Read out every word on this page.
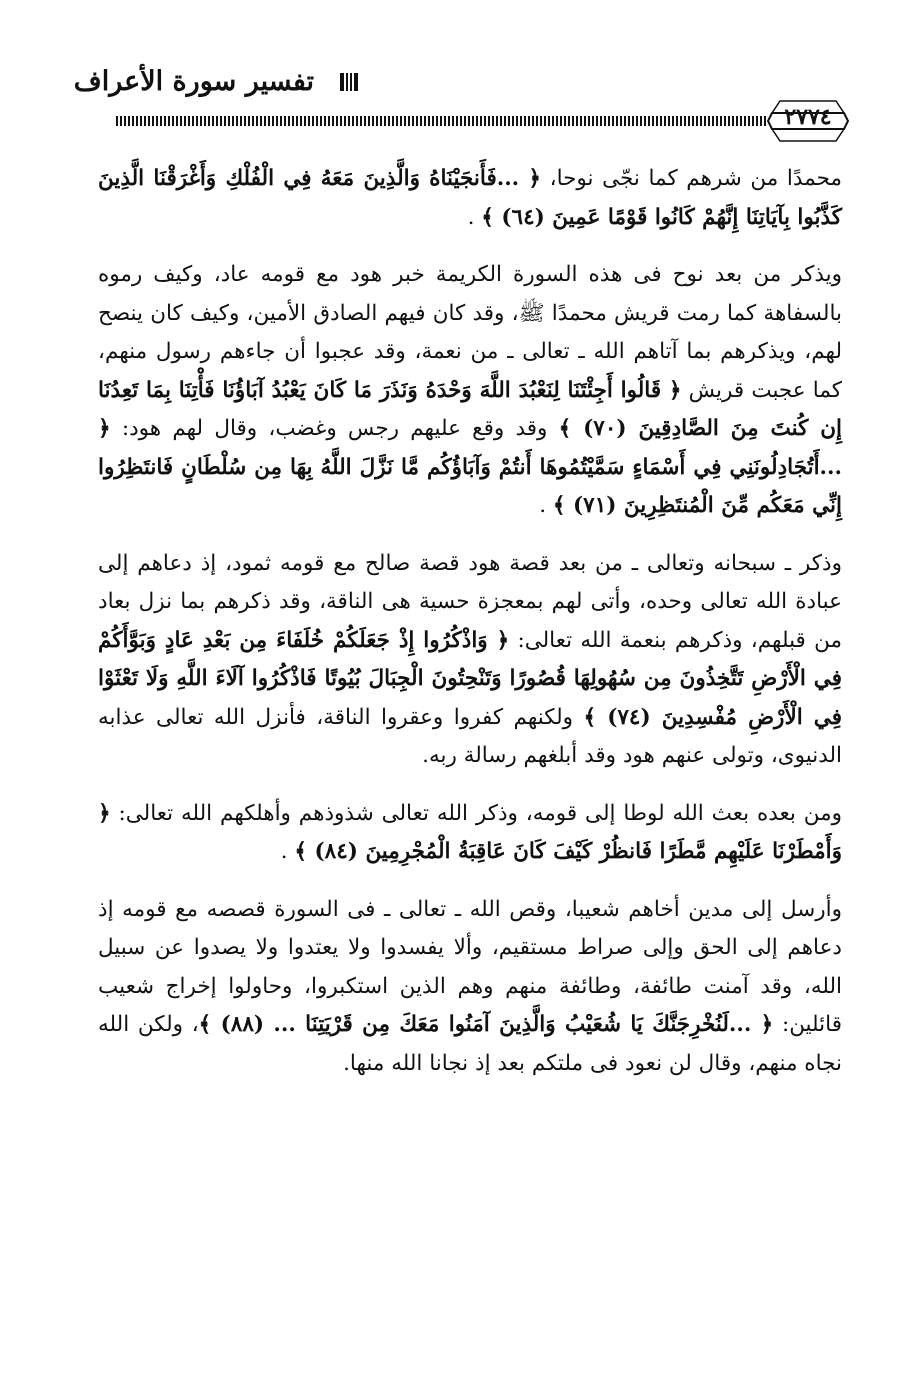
تفسير سورة الأعراف
٢٧٧٤

محمدًا من شرهم كما نجّى نوحا، ﴿ ...فَأَنجَيْنَاهُ وَالَّذِينَ مَعَهُ فِي الْفُلْكِ وَأَغْرَقْنَا الَّذِينَ كَذَّبُوا بِآيَاتِنَا إِنَّهُمْ كَانُوا قَوْمًا عَمِينَ (٦٤) ﴾ .

ويذكر من بعد نوح فى هذه السورة الكريمة خبر هود مع قومه عاد، وكيف رموه بالسفاهة كما رمت قريش محمدًا ﷺ، وقد كان فيهم الصادق الأمين، وكيف كان ينصح لهم، ويذكرهم بما آتاهم الله ـ تعالى ـ من نعمة، وقد عجبوا أن جاءهم رسول منهم، كما عجبت قريش ﴿ قَالُوا أَجِئْتَنَا لِنَعْبُدَ اللَّهَ وَحْدَهُ وَنَذَرَ مَا كَانَ يَعْبُدُ آبَاؤُنَا فَأْتِنَا بِمَا تَعِدُنَا إِن كُنتَ مِنَ الصَّادِقِينَ (٧٠) ﴾ وقد وقع عليهم رجس وغضب، وقال لهم هود: ﴿ ...أَتُجَادِلُونَنِي فِي أَسْمَاءٍ سَمَّيْتُمُوهَا أَنتُمْ وَآبَاؤُكُم مَّا نَزَّلَ اللَّهُ بِهَا مِن سُلْطَانٍ فَانتَظِرُوا إِنِّي مَعَكُم مِّنَ الْمُنتَظِرِينَ (٧١) ﴾ .

وذكر ـ سبحانه وتعالى ـ من بعد قصة هود قصة صالح مع قومه ثمود، إذ دعاهم إلى عبادة الله تعالى وحده، وأتى لهم بمعجزة حسية هى الناقة، وقد ذكرهم بما نزل بعاد من قبلهم، وذكرهم بنعمة الله تعالى: ﴿ وَاذْكُرُوا إِذْ جَعَلَكُمْ خُلَفَاءَ مِن بَعْدِ عَادٍ وَبَوَّأَكُمْ فِي الْأَرْضِ تَتَّخِذُونَ مِن سُهُولِهَا قُصُورًا وَتَنْحِتُونَ الْجِبَالَ بُيُوتًا فَاذْكُرُوا آلَاءَ اللَّهِ وَلَا تَعْثَوْا فِي الْأَرْضِ مُفْسِدِينَ (٧٤) ﴾ ولكنهم كفروا وعقروا الناقة، فأنزل الله تعالى عذابه الدنيوى، وتولى عنهم هود وقد أبلغهم رسالة ربه.

ومن بعده بعث الله لوطا إلى قومه، وذكر الله تعالى شذوذهم وأهلكهم الله تعالى: ﴿ وَأَمْطَرْنَا عَلَيْهِم مَّطَرًا فَانظُرْ كَيْفَ كَانَ عَاقِبَةُ الْمُجْرِمِينَ (٨٤) ﴾ .

وأرسل إلى مدين أخاهم شعيبا، وقص الله ـ تعالى ـ فى السورة قصصه مع قومه إذ دعاهم إلى الحق وإلى صراط مستقيم، وألا يفسدوا ولا يعتدوا ولا يصدوا عن سبيل الله، وقد آمنت طائفة، وطائفة منهم وهم الذين استكبروا، وحاولوا إخراج شعيب قائلين: ﴿ ...لَنُخْرِجَنَّكَ يَا شُعَيْبُ وَالَّذِينَ آمَنُوا مَعَكَ مِن قَرْيَتِنَا ... (٨٨) ﴾، ولكن الله نجاه منهم، وقال لن نعود فى ملتكم بعد إذ نجانا الله منها.
